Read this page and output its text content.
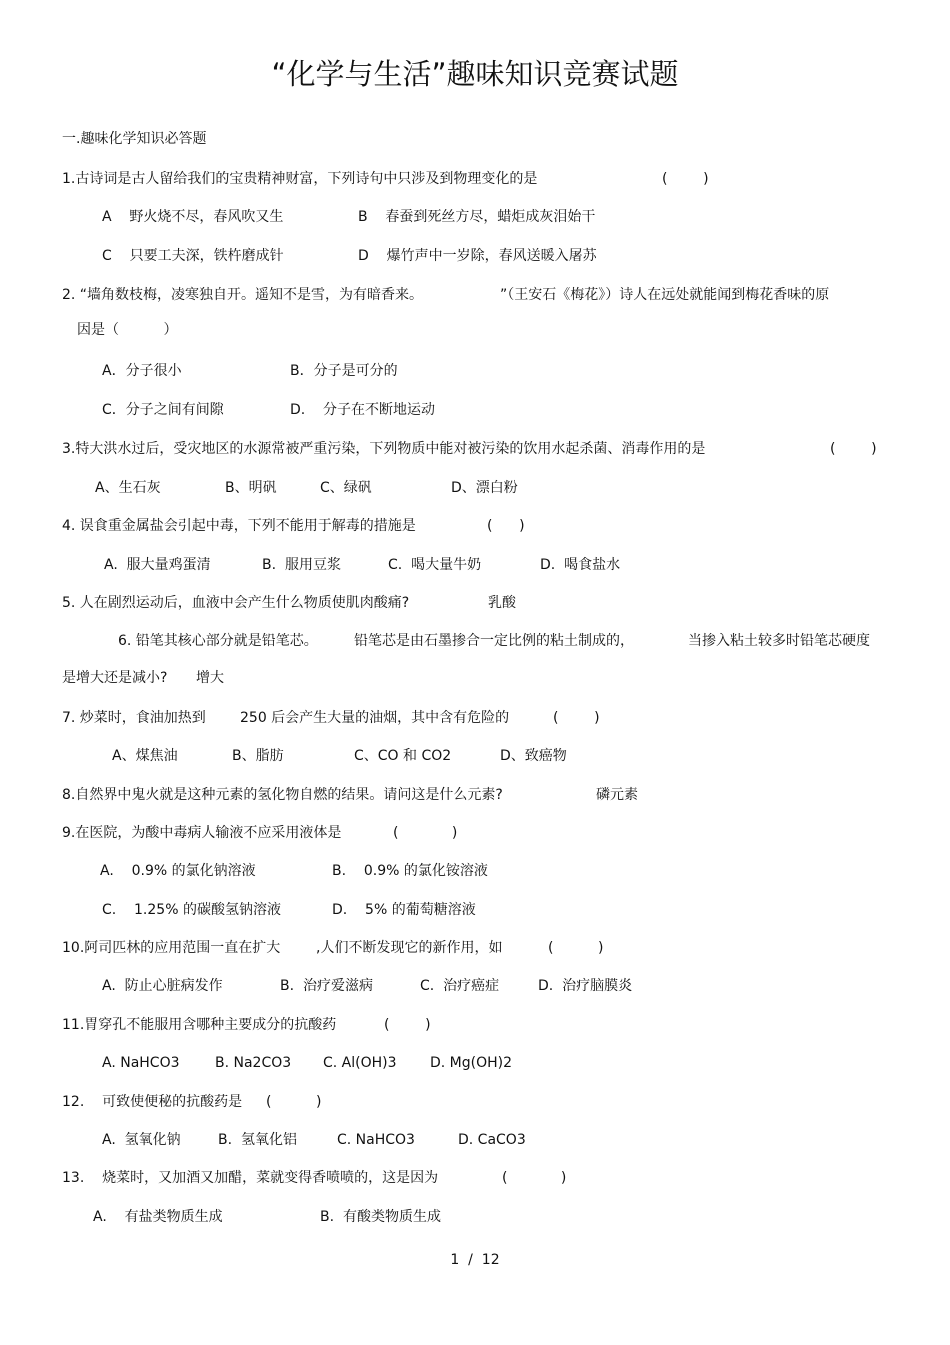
“化学与生活”趣味知识竞赛试题
一.趣味化学知识必答题
1.古诗词是古人留给我们的宝贵精神财富，下列诗句中只涉及到物理变化的是	(        )
A    野火烧不尽，春风吹又生	B    春蚕到死丝方尽，蜡炬成灰泪始干
C    只要工夫深，铁杵磨成针	D    爆竹声中一岁除，春风送暖入屠苏
2. “墙角数枝梅，凌寒独自开。遥知不是雪，为有暗香来。	”（王安石《梅花》）诗人在远处就能闻到梅花香味的原
因是（          ）
A．分子很小	B．分子是可分的
C．分子之间有间隙	D.    分子在不断地运动
3.特大洪水过后，受灾地区的水源常被严重污染，下列物质中能对被污染的饮用水起杀菌、消毒作用的是	(        )
A、生石灰	B、明矾	C、绿矾	D、漂白粉
4. 误食重金属盐会引起中毒，下列不能用于解毒的措施是	(      )
A.  服大量鸡蛋清	B.  服用豆浆	C.  喝大量牛奶	D.  喝食盐水
5. 人在剧烈运动后，血液中会产生什么物质使肌肉酸痛?	乳酸
6. 铅笔其核心部分就是铅笔芯。	铅笔芯是由石墨掺合一定比例的粘土制成的，	当掺入粘土较多时铅笔芯硬度
是增大还是减小? 增大
7. 炒菜时，食油加热到 250 后会产生大量的油烟，其中含有危险的	(        )
A、煤焦油	B、脂肪	C、CO 和 CO2	D、致癌物
8.自然界中鬼火就是这种元素的氢化物自燃的结果。请问这是什么元素?	磷元素
9.在医院，为酸中毒病人输液不应采用液体是	(            )
A.    0.9% 的氯化钠溶液	B.    0.9% 的氯化铵溶液
C.    1.25% 的碳酸氢钠溶液	D.    5% 的葡萄糖溶液
10.阿司匹林的应用范围一直在扩大	,人们不断发现它的新作用，如	(          )
A.  防止心脏病发作	B.  治疗爱滋病	C.  治疗癌症	D.  治疗脑膜炎
11.胃穿孔不能服用含哪种主要成分的抗酸药	(        )
A. NaHCO3	B. Na2CO3 C. Al(OH)3 D. Mg(OH)2
12.    可致使便秘的抗酸药是 (          )
A.  氢氧化钠	B.  氢氧化铝	C. NaHCO3	D. CaCO3
13.    烧菜时，又加酒又加醋，菜就变得香喷喷的，这是因为	(            )
A.    有盐类物质生成	B.  有酸类物质生成
1  /  12
